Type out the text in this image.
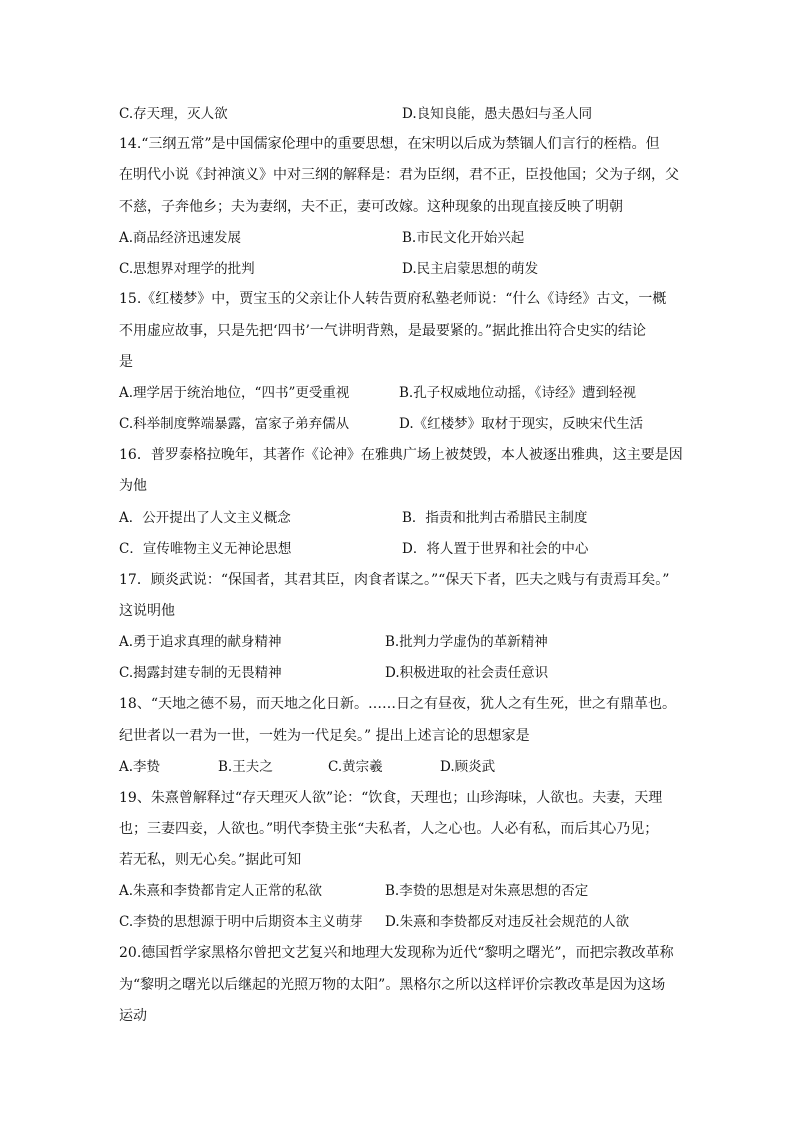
C.存天理，灭人欲	D.良知良能，愚夫愚妇与圣人同
14.“三纲五常”是中国儒家伦理中的重要思想，在宋明以后成为禁锢人们言行的桎梏。但
在明代小说《封神演义》中对三纲的解释是：君为臣纲，君不正，臣投他国；父为子纲，父
不慈，子奔他乡；夫为妻纲，夫不正，妻可改嫁。这种现象的出现直接反映了明朝
A.商品经济迅速发展	B.市民文化开始兴起
C.思想界对理学的批判	D.民主启蒙思想的萌发
15.《红楼梦》中，贾宝玉的父亲让仆人转告贾府私塾老师说：“什么《诗经》古文，一概
不用虚应故事，只是先把‘四书’一气讲明背熟，是最要紧的。”据此推出符合史实的结论
是
A.理学居于统治地位，“四书”更受重视	B.孔子权威地位动摇，《诗经》遭到轻视
C.科举制度弊端暴露，富家子弟弃儒从	D.《红楼梦》取材于现实，反映宋代生活
16．普罗泰格拉晚年，其著作《论神》在雅典广场上被焚毁，本人被逐出雅典，这主要是因
为他
A．公开提出了人文主义概念	B．指责和批判古希腊民主制度
C．宣传唯物主义无神论思想	D．将人置于世界和社会的中心
17．顾炎武说：“保国者，其君其臣，肉食者谋之。”“保天下者，匹夫之贱与有责焉耳矣。”
这说明他
A.勇于追求真理的献身精神	B.批判力学虚伪的革新精神
C.揭露封建专制的无畏精神	D.积极进取的社会责任意识
18、“天地之德不易，而天地之化日新。……日之有昼夜，犹人之有生死，世之有鼎革也。
纪世者以一君为一世，一姓为一代足矣。” 提出上述言论的思想家是
A.李贽	B.王夫之	C.黄宗羲	D.顾炎武
19、朱熹曾解释过“存天理灭人欲”论：“饮食，天理也；山珍海味，人欲也。夫妻，天理
也；三妻四妾，人欲也。”明代李贽主张“夫私者，人之心也。人必有私，而后其心乃见；
若无私，则无心矣。”据此可知
A.朱熹和李贽都肯定人正常的私欲	B.李贽的思想是对朱熹思想的否定
C.李贽的思想源于明中后期资本主义萌芽 D.朱熹和李贽都反对违反社会规范的人欲
20.德国哲学家黑格尔曾把文艺复兴和地理大发现称为近代“黎明之曙光”，而把宗教改革称
为“黎明之曙光以后继起的光照万物的太阳”。黑格尔之所以这样评价宗教改革是因为这场
运动
